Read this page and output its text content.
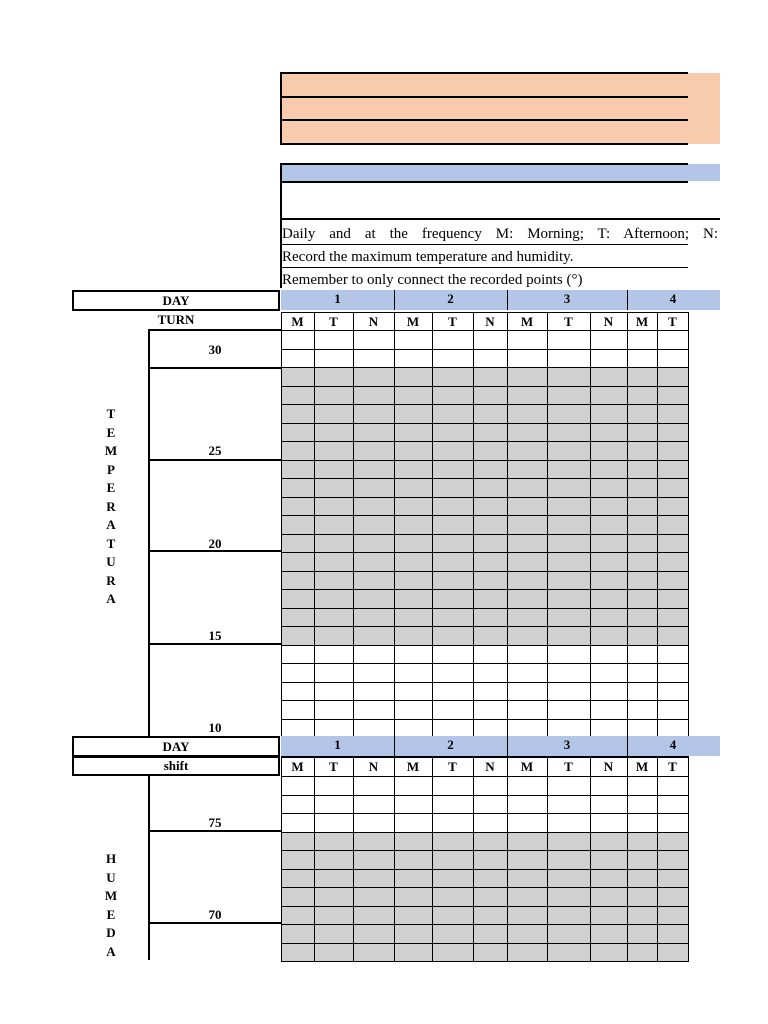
Daily and at the frequency M: Morning; T: Afternoon; N:
Record the maximum temperature and humidity.
Remember to only connect the recorded points (°)
DAY	1	2	3	4
TURN	M	T	N	M	T	N	M	T	N	M	T

30
25
20
15
10
T
E
M
P
E
R
A
T
U
R
A
DAY
shift
1	2	3	4
M	T	N	M	T	N	M	T	N	M	T

75
70
H
U
M
E
D
A
